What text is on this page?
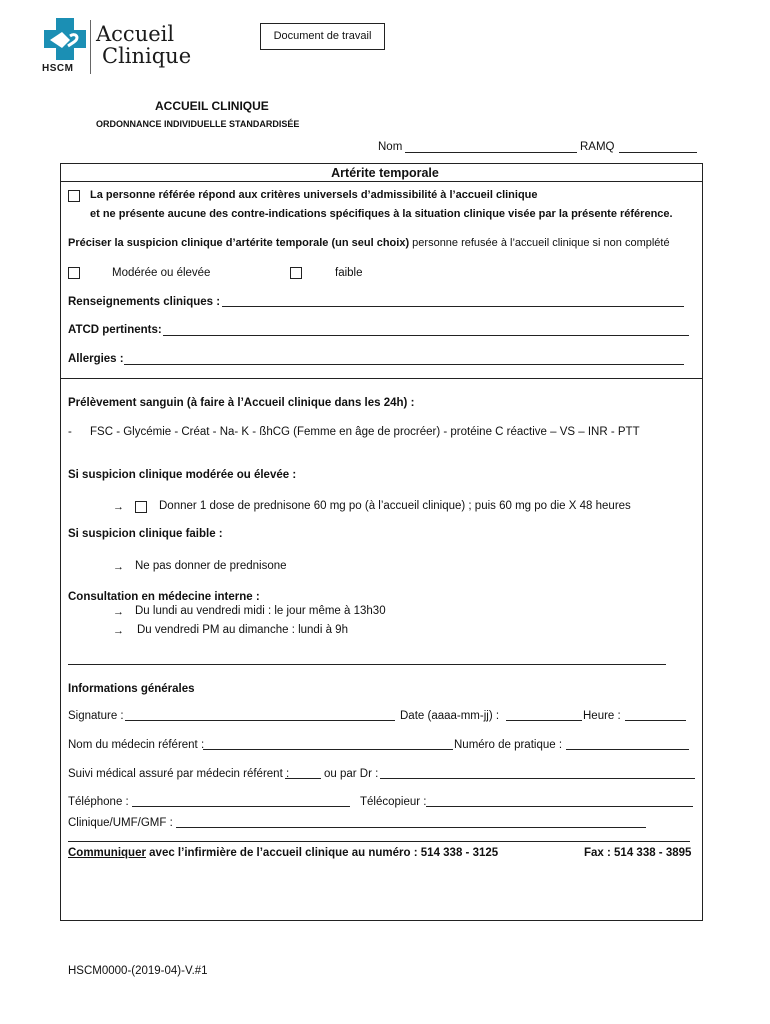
HSCM
Accueil
Clinique
Document de travail
ACCUEIL CLINIQUE
ORDONNANCE INDIVIDUELLE STANDARDISÉE
Nom	RAMQ
Artérite temporale
La personne référée répond aux critères universels d’admissibilité à l’accueil clinique
et ne présente aucune des contre-indications spécifiques à la situation clinique visée par la présente référence.
Préciser la suspicion clinique d’artérite temporale (un seul choix) personne refusée à l’accueil clinique si non complété
Modérée ou élevée	faible
Renseignements cliniques :
ATCD pertinents:
Allergies :
Prélèvement sanguin (à faire à l’Accueil clinique dans les 24h) :
- FSC - Glycémie - Créat - Na- K - ßhCG (Femme en âge de procréer) - protéine C réactive – VS – INR - PTT
Si suspicion clinique modérée ou élevée :
→	Donner 1 dose de prednisone 60 mg po (à l’accueil clinique) ; puis 60 mg po die X 48 heures
Si suspicion clinique faible :
→ Ne pas donner de prednisone
Consultation en médecine interne :
→ Du lundi au vendredi midi : le jour même à 13h30
→ Du vendredi PM au dimanche : lundi à 9h
Informations générales
Signature :	Date (aaaa-mm-jj) :	Heure :
Nom du médecin référent :	Numéro de pratique :
Suivi médical assuré par médecin référent :	ou par Dr :
Téléphone :	Télécopieur :
Clinique/UMF/GMF :
Communiquer avec l’infirmière de l’accueil clinique au numéro : 514 338 - 3125	Fax : 514 338 - 3895
HSCM0000-(2019-04)-V.#1
